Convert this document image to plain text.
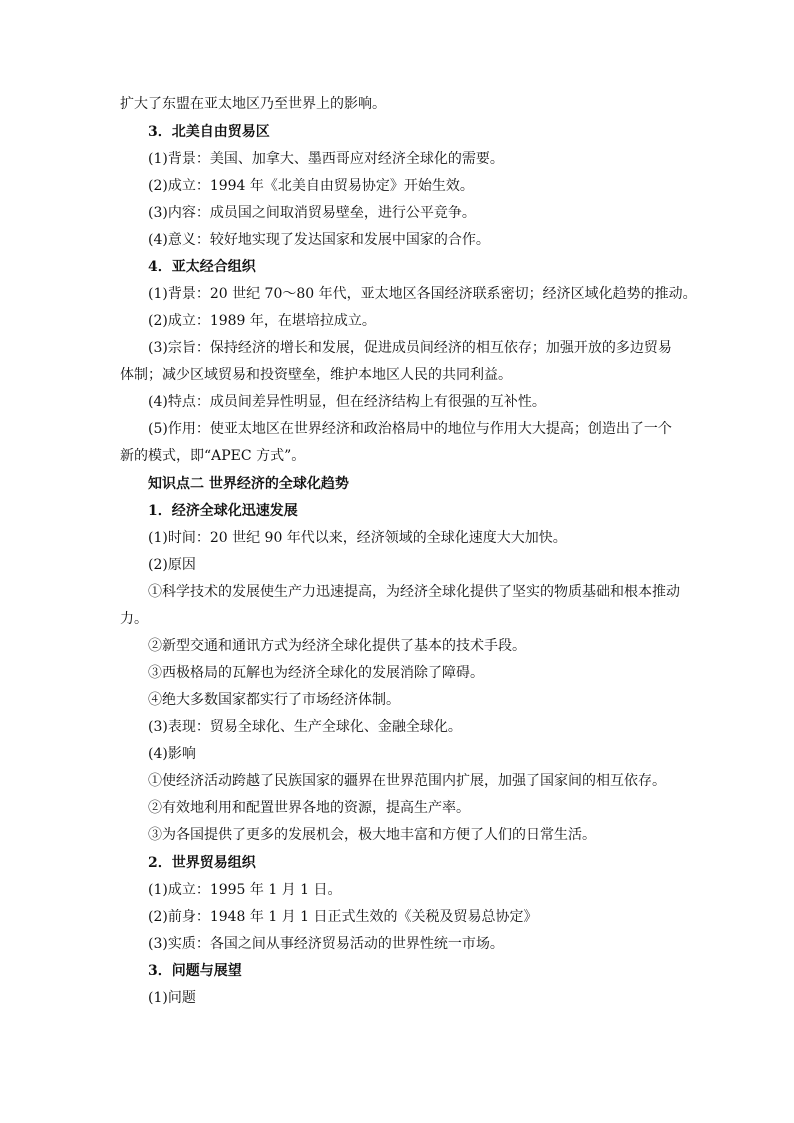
扩大了东盟在亚太地区乃至世界上的影响。
3．北美自由贸易区
(1)背景：美国、加拿大、墨西哥应对经济全球化的需要。
(2)成立：1994 年《北美自由贸易协定》开始生效。
(3)内容：成员国之间取消贸易壁垒，进行公平竞争。
(4)意义：较好地实现了发达国家和发展中国家的合作。
4．亚太经合组织
(1)背景：20 世纪 70～80 年代，亚太地区各国经济联系密切；经济区域化趋势的推动。
(2)成立：1989 年，在堪培拉成立。
(3)宗旨：保持经济的增长和发展，促进成员间经济的相互依存；加强开放的多边贸易
体制；减少区域贸易和投资壁垒，维护本地区人民的共同利益。
(4)特点：成员间差异性明显，但在经济结构上有很强的互补性。
(5)作用：使亚太地区在世界经济和政治格局中的地位与作用大大提高；创造出了一个
新的模式，即“APEC 方式”。
知识点二 世界经济的全球化趋势
1．经济全球化迅速发展
(1)时间：20 世纪 90 年代以来，经济领域的全球化速度大大加快。
(2)原因
①科学技术的发展使生产力迅速提高，为经济全球化提供了坚实的物质基础和根本推动
力。
②新型交通和通讯方式为经济全球化提供了基本的技术手段。
③西极格局的瓦解也为经济全球化的发展消除了障碍。
④绝大多数国家都实行了市场经济体制。
(3)表现：贸易全球化、生产全球化、金融全球化。
(4)影响
①使经济活动跨越了民族国家的疆界在世界范围内扩展，加强了国家间的相互依存。
②有效地利用和配置世界各地的资源，提高生产率。
③为各国提供了更多的发展机会，极大地丰富和方便了人们的日常生活。
2．世界贸易组织
(1)成立：1995 年 1 月 1 日。
(2)前身：1948 年 1 月 1 日正式生效的《关税及贸易总协定》
(3)实质：各国之间从事经济贸易活动的世界性统一市场。
3．问题与展望
(1)问题
